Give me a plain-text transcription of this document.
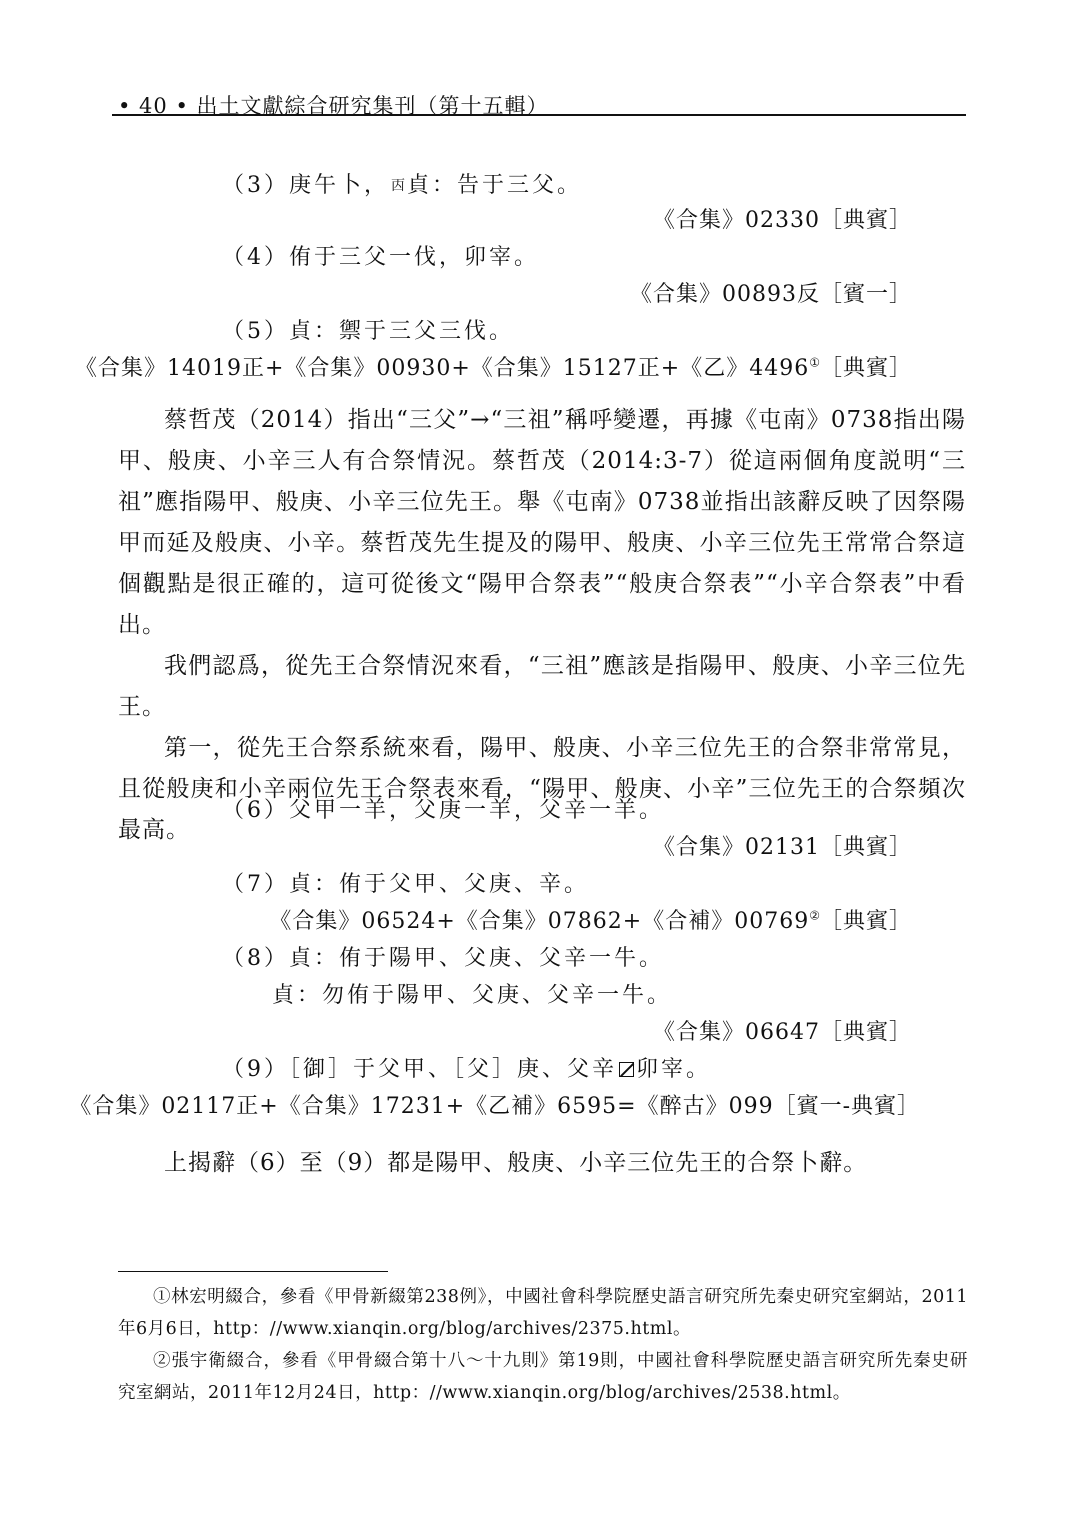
• 40 • 出土文獻綜合研究集刊（第十五輯）
（3）庚午卜， 㐁貞：告于三父。
《合集》02330［典賓］
（4）侑于三父一伐，卯宰。
《合集》00893反［賓一］
（5）貞：禦于三父三伐。
《合集》14019正+《合集》00930+《合集》15127正+《乙》4496①［典賓］

蔡哲茂（2014）指出“三父”→“三祖”稱呼變遷，再據《屯南》0738指出陽甲、般庚、小辛三人有合祭情況。蔡哲茂（2014:3-7）從這兩個角度説明“三祖”應指陽甲、般庚、小辛三位先王。舉《屯南》0738並指出該辭反映了因祭陽甲而延及般庚、小辛。蔡哲茂先生提及的陽甲、般庚、小辛三位先王常常合祭這個觀點是很正確的，這可從後文“陽甲合祭表”“般庚合祭表”“小辛合祭表”中看出。

我們認爲，從先王合祭情況來看，“三祖”應該是指陽甲、般庚、小辛三位先王。

第一，從先王合祭系統來看，陽甲、般庚、小辛三位先王的合祭非常常見，且從般庚和小辛兩位先王合祭表來看，“陽甲、般庚、小辛”三位先王的合祭頻次最高。

（6）父甲一羊，父庚一羊，父辛一羊。
《合集》02131［典賓］
（7）貞：侑于父甲、父庚、辛。
《合集》06524+《合集》07862+《合補》00769②［典賓］
（8）貞：侑于陽甲、父庚、父辛一牛。
貞：勿侑于陽甲、父庚、父辛一牛。
《合集》06647［典賓］
（9）［御］于父甲、［父］庚、父辛 卯宰。
《合集》02117正+《合集》17231+《乙補》6595=《醉古》099［賓一-典賓］

上揭辭（6）至（9）都是陽甲、般庚、小辛三位先王的合祭卜辭。

①林宏明綴合，參看《甲骨新綴第238例》，中國社會科學院歷史語言研究所先秦史研究室網站，2011年6月6日，http：//www.xianqin.org/blog/archives/2375.html。

②張宇衛綴合，參看《甲骨綴合第十八～十九則》第19則，中國社會科學院歷史語言研究所先秦史研究室網站，2011年12月24日，http：//www.xianqin.org/blog/archives/2538.html。
